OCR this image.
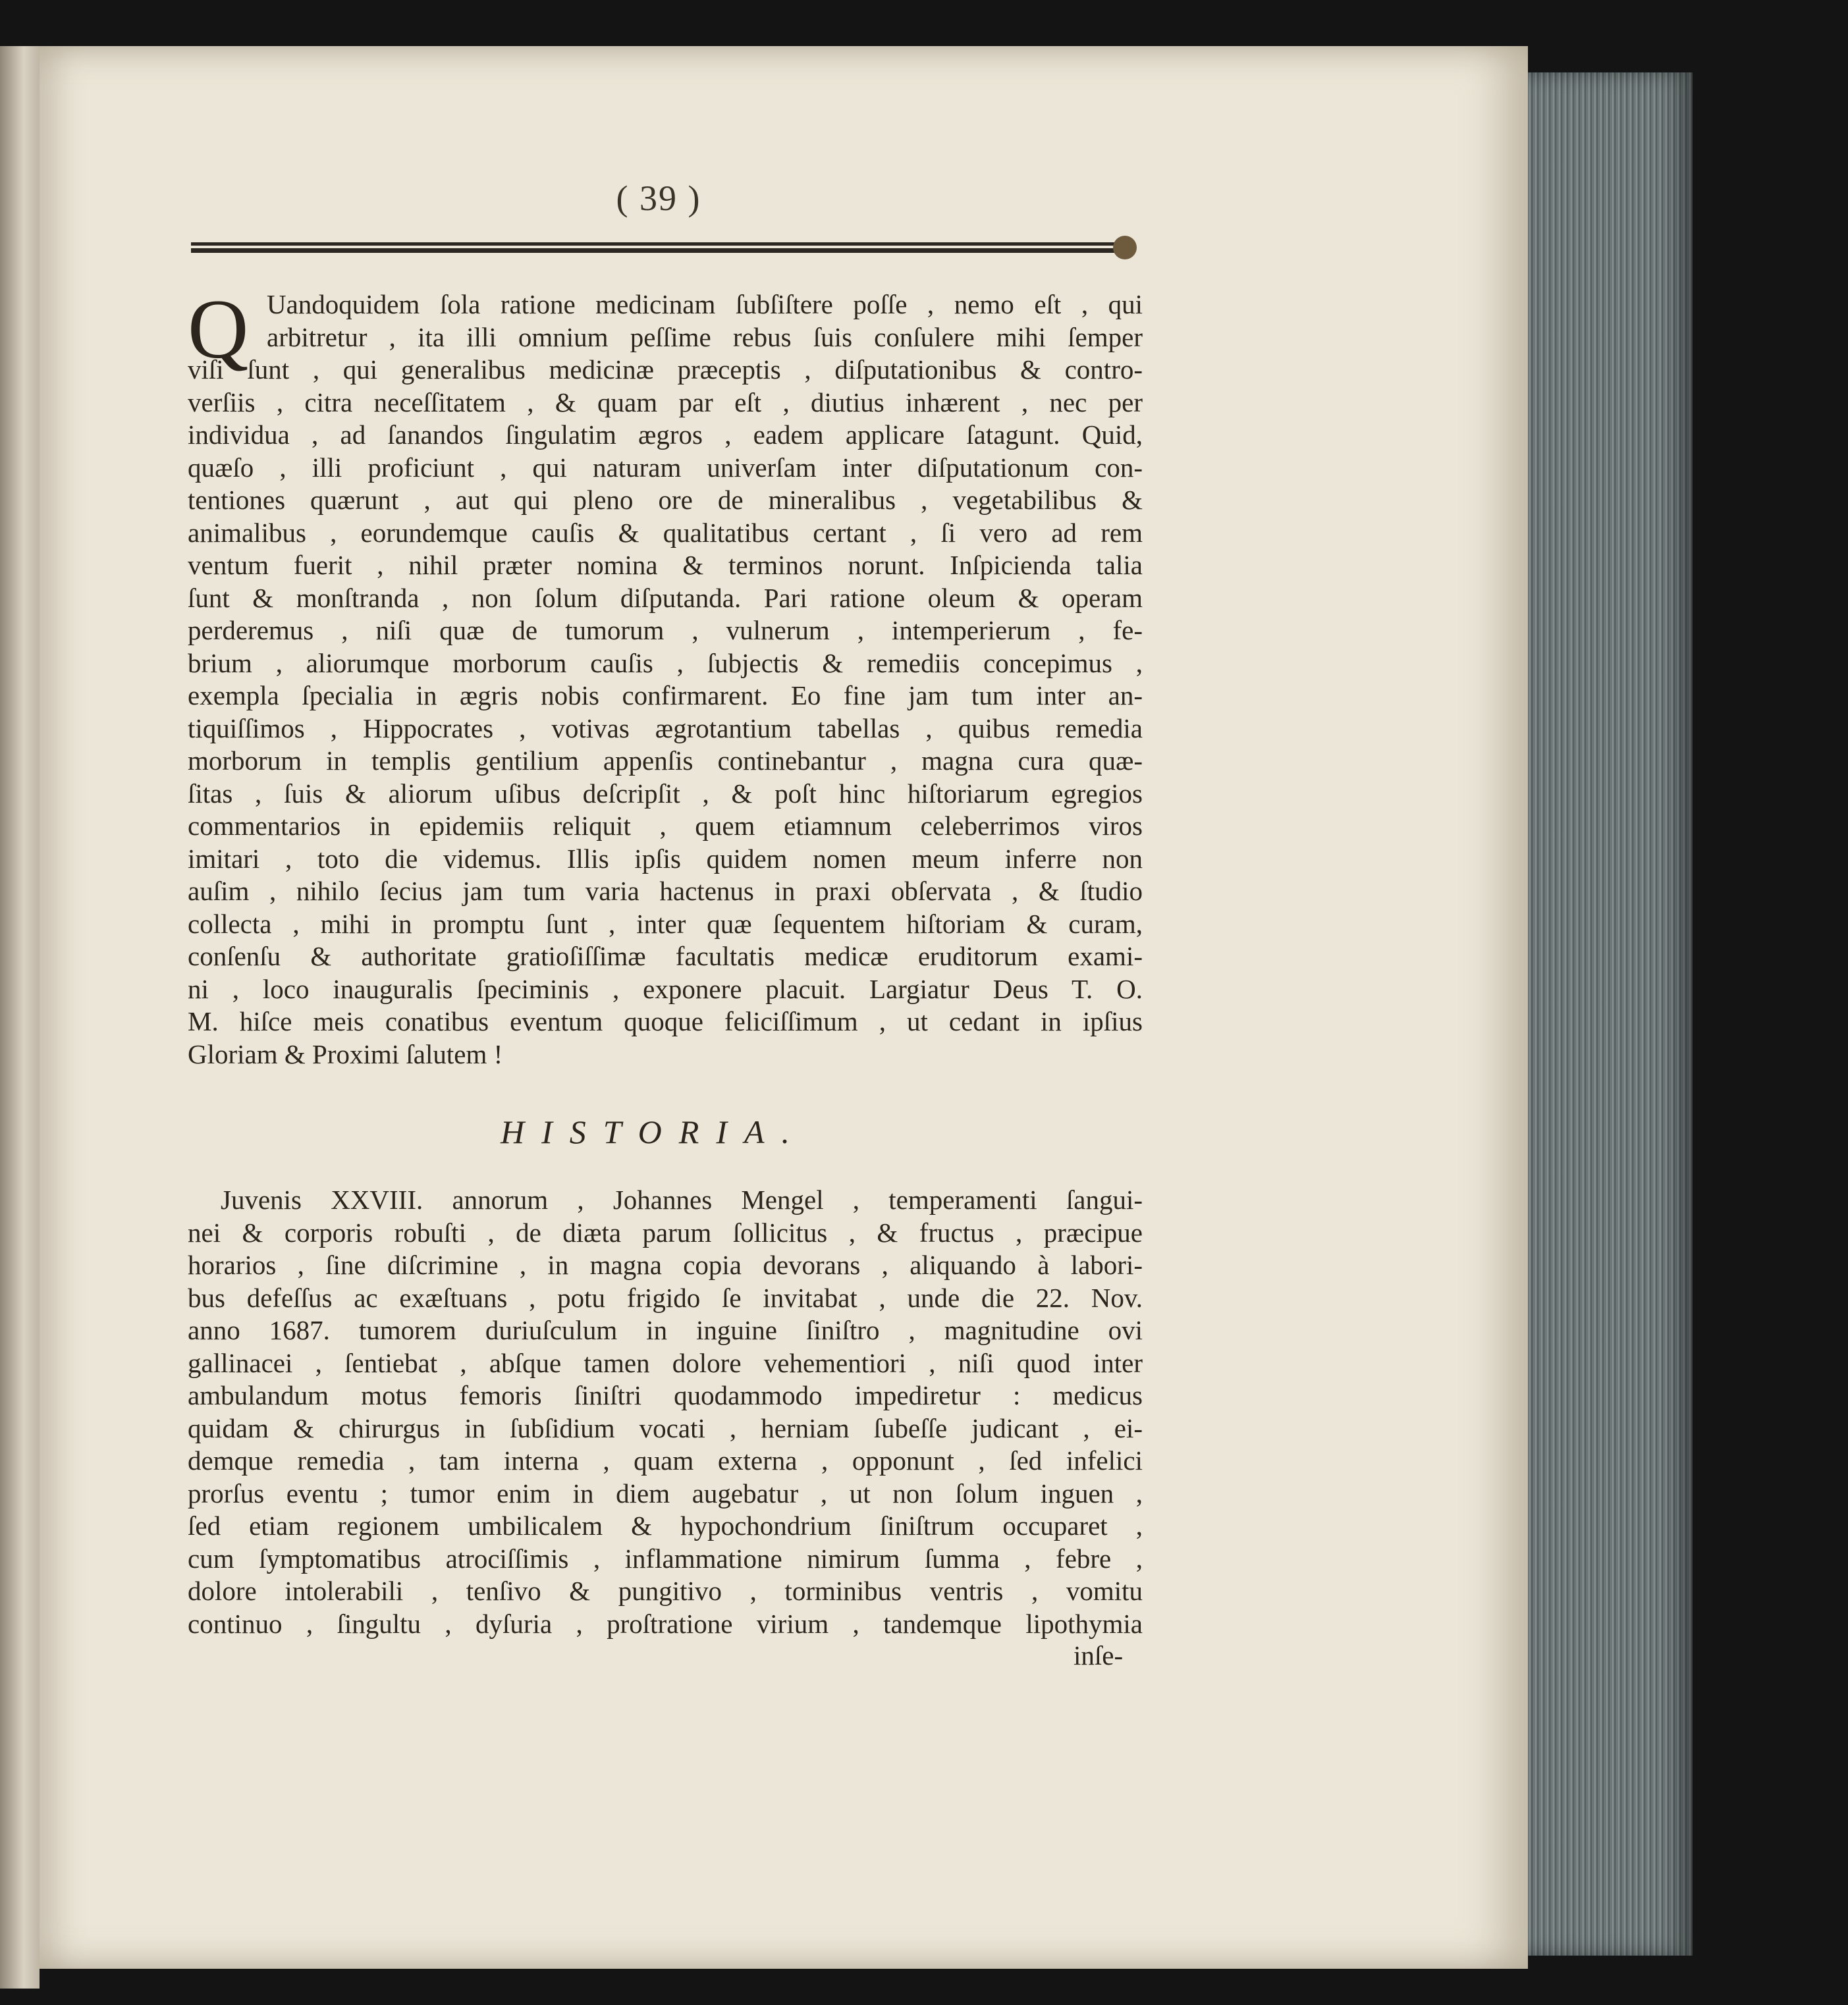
( 39 )
Q Uandoquidem ſola ratione medicinam ſubſiſtere poſſe , nemo eſt , qui
arbitretur , ita illi omnium peſſime rebus ſuis conſulere mihi ſemper
viſi ſunt , qui generalibus medicinæ præceptis , diſputationibus & contro-
verſiis , citra neceſſitatem , & quam par eſt , diutius inhærent , nec per
individua , ad ſanandos ſingulatim ægros , eadem applicare ſatagunt. Quid,
quæſo , illi proficiunt , qui naturam univerſam inter diſputationum con-
tentiones quærunt , aut qui pleno ore de mineralibus , vegetabilibus &
animalibus , eorundemque cauſis & qualitatibus certant , ſi vero ad rem
ventum fuerit , nihil præter nomina & terminos norunt. Inſpicienda talia
ſunt & monſtranda , non ſolum diſputanda. Pari ratione oleum & operam
perderemus , niſi quæ de tumorum , vulnerum , intemperierum , fe-
brium , aliorumque morborum cauſis , ſubjectis & remediis concepimus ,
exempla ſpecialia in ægris nobis confirmarent. Eo fine jam tum inter an-
tiquiſſimos , Hippocrates , votivas ægrotantium tabellas , quibus remedia
morborum in templis gentilium appenſis continebantur , magna cura quæ-
ſitas , ſuis & aliorum uſibus deſcripſit , & poſt hinc hiſtoriarum egregios
commentarios in epidemiis reliquit , quem etiamnum celeberrimos viros
imitari , toto die videmus. Illis ipſis quidem nomen meum inferre non
auſim , nihilo ſecius jam tum varia hactenus in praxi obſervata , & ſtudio
collecta , mihi in promptu ſunt , inter quæ ſequentem hiſtoriam & curam,
conſenſu & authoritate gratioſiſſimæ facultatis medicæ eruditorum exami-
ni , loco inauguralis ſpeciminis , exponere placuit. Largiatur Deus T. O.
M. hiſce meis conatibus eventum quoque feliciſſimum , ut cedant in ipſius
Gloriam & Proximi ſalutem !
HISTORIA.
Juvenis XXVIII. annorum , Johannes Mengel , temperamenti ſangui-
nei & corporis robuſti , de diæta parum ſollicitus , & fructus , præcipue
horarios , ſine diſcrimine , in magna copia devorans , aliquando à labori-
bus defeſſus ac exæſtuans , potu frigido ſe invitabat , unde die 22. Nov.
anno 1687. tumorem duriuſculum in inguine ſiniſtro , magnitudine ovi
gallinacei , ſentiebat , abſque tamen dolore vehementiori , niſi quod inter
ambulandum motus femoris ſiniſtri quodammodo impediretur : medicus
quidam & chirurgus in ſubſidium vocati , herniam ſubeſſe judicant , ei-
demque remedia , tam interna , quam externa , opponunt , ſed infelici
prorſus eventu ; tumor enim in diem augebatur , ut non ſolum inguen ,
ſed etiam regionem umbilicalem & hypochondrium ſiniſtrum occuparet ,
cum ſymptomatibus atrociſſimis , inflammatione nimirum ſumma , febre ,
dolore intolerabili , tenſivo & pungitivo , torminibus ventris , vomitu
continuo , ſingultu , dyſuria , proſtratione virium , tandemque lipothymia
inſe-
